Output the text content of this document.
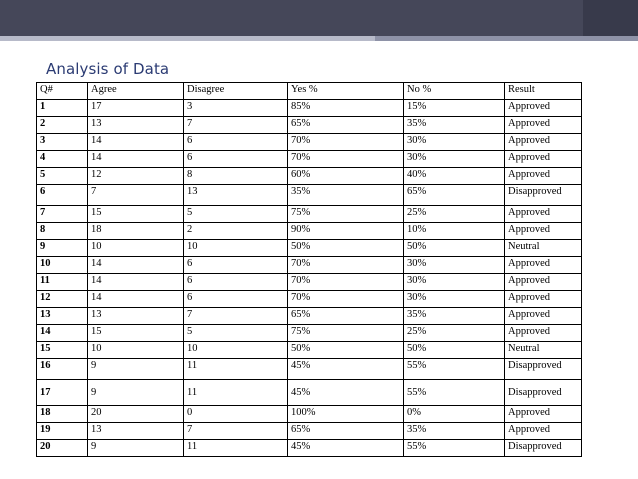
Analysis of Data
Q#	Agree	Disagree	Yes %	No %	Result
1	17	3	85%	15%	Approved
2	13	7	65%	35%	Approved
3	14	6	70%	30%	Approved
4	14	6	70%	30%	Approved
5	12	8	60%	40%	Approved
6	7	13	35%	65%	Disapproved
7	15	5	75%	25%	Approved
8	18	2	90%	10%	Approved
9	10	10	50%	50%	Neutral
10	14	6	70%	30%	Approved
11	14	6	70%	30%	Approved
12	14	6	70%	30%	Approved
13	13	7	65%	35%	Approved
14	15	5	75%	25%	Approved
15	10	10	50%	50%	Neutral
16	9	11	45%	55%	Disapproved
17	9	11	45%	55%	Disapproved
18	20	0	100%	0%	Approved
19	13	7	65%	35%	Approved
20	9	11	45%	55%	Disapproved
